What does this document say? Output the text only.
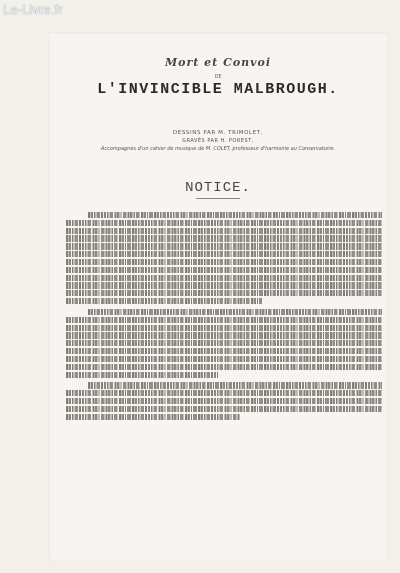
Le-Livre.fr
Mort et Convoi
DE
L'INVINCIBLE MALBROUGH.
DESSINS PAR M. TRIMOLET,
GRAVÉS PAR H. POREST,
Accompagnés d'un cahier de musique de M. COLET, professeur d'harmonie au Conservatoire.
NOTICE.
